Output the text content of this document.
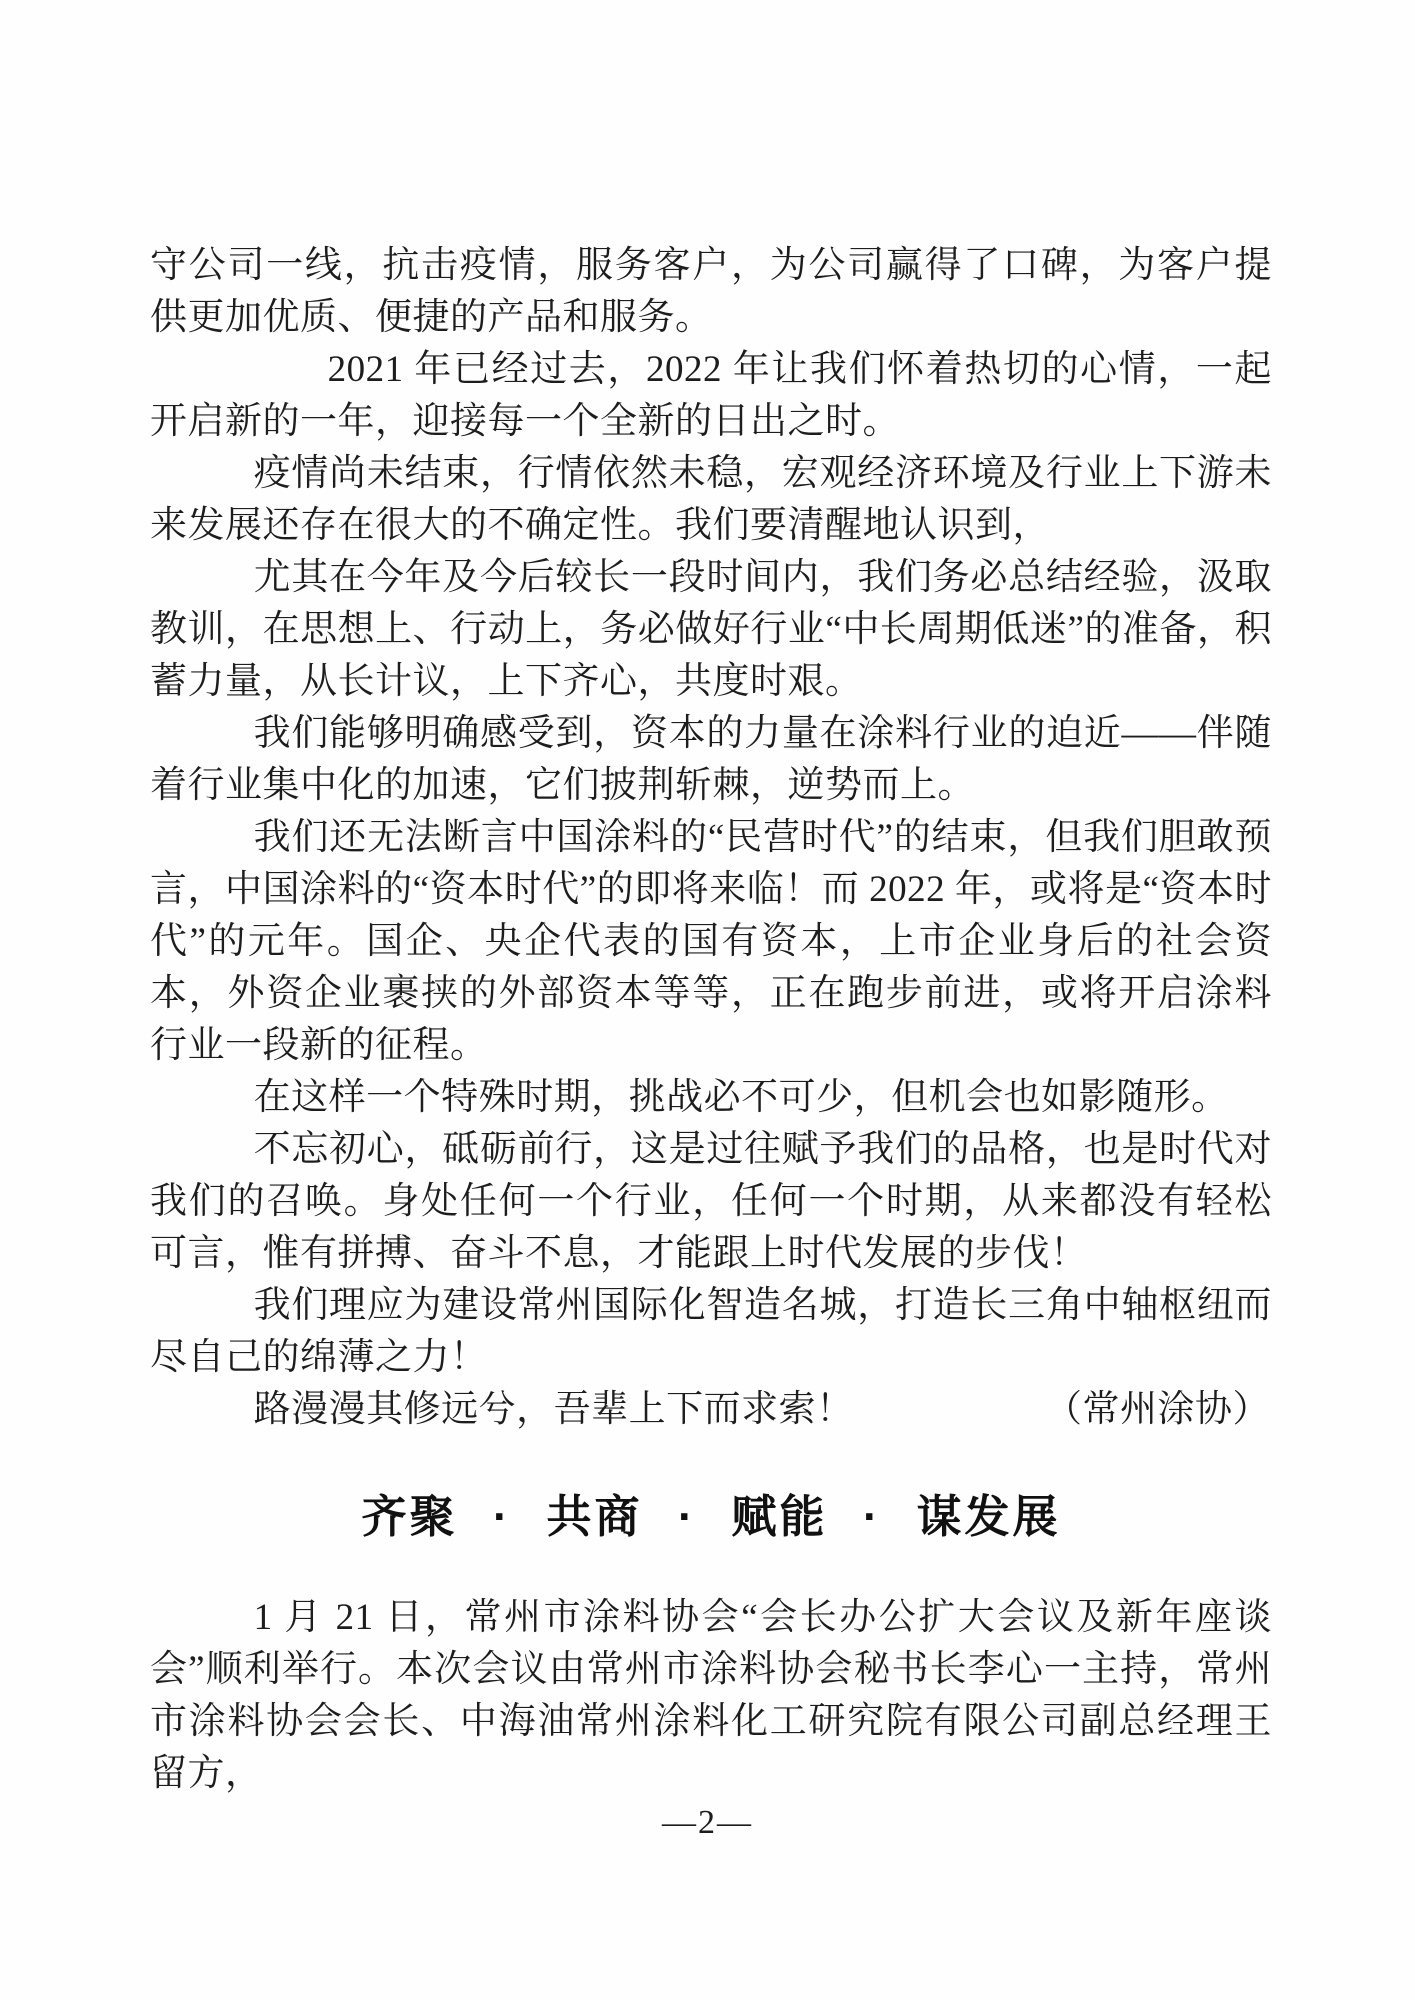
守公司一线，抗击疫情，服务客户，为公司赢得了口碑，为客户提供更加优质、便捷的产品和服务。

2021 年已经过去，2022 年让我们怀着热切的心情，一起开启新的一年，迎接每一个全新的日出之时。

疫情尚未结束，行情依然未稳，宏观经济环境及行业上下游未来发展还存在很大的不确定性。我们要清醒地认识到，

尤其在今年及今后较长一段时间内，我们务必总结经验，汲取教训，在思想上、行动上，务必做好行业“中长周期低迷”的准备，积蓄力量，从长计议，上下齐心，共度时艰。

我们能够明确感受到，资本的力量在涂料行业的迫近——伴随着行业集中化的加速，它们披荆斩棘，逆势而上。

我们还无法断言中国涂料的“民营时代”的结束，但我们胆敢预言，中国涂料的“资本时代”的即将来临！而 2022 年，或将是“资本时代”的元年。国企、央企代表的国有资本，上市企业身后的社会资本，外资企业裹挟的外部资本等等，正在跑步前进，或将开启涂料行业一段新的征程。

在这样一个特殊时期，挑战必不可少，但机会也如影随形。

不忘初心，砥砺前行，这是过往赋予我们的品格，也是时代对我们的召唤。身处任何一个行业，任何一个时期，从来都没有轻松可言，惟有拼搏、奋斗不息，才能跟上时代发展的步伐！

我们理应为建设常州国际化智造名城，打造长三角中轴枢纽而尽自己的绵薄之力！

路漫漫其修远兮，吾辈上下而求索！	（常州涂协）

齐聚 · 共商 · 赋能 · 谋发展

1 月 21 日，常州市涂料协会“会长办公扩大会议及新年座谈会”顺利举行。本次会议由常州市涂料协会秘书长李心一主持，常州市涂料协会会长、中海油常州涂料化工研究院有限公司副总经理王留方，

—2—
